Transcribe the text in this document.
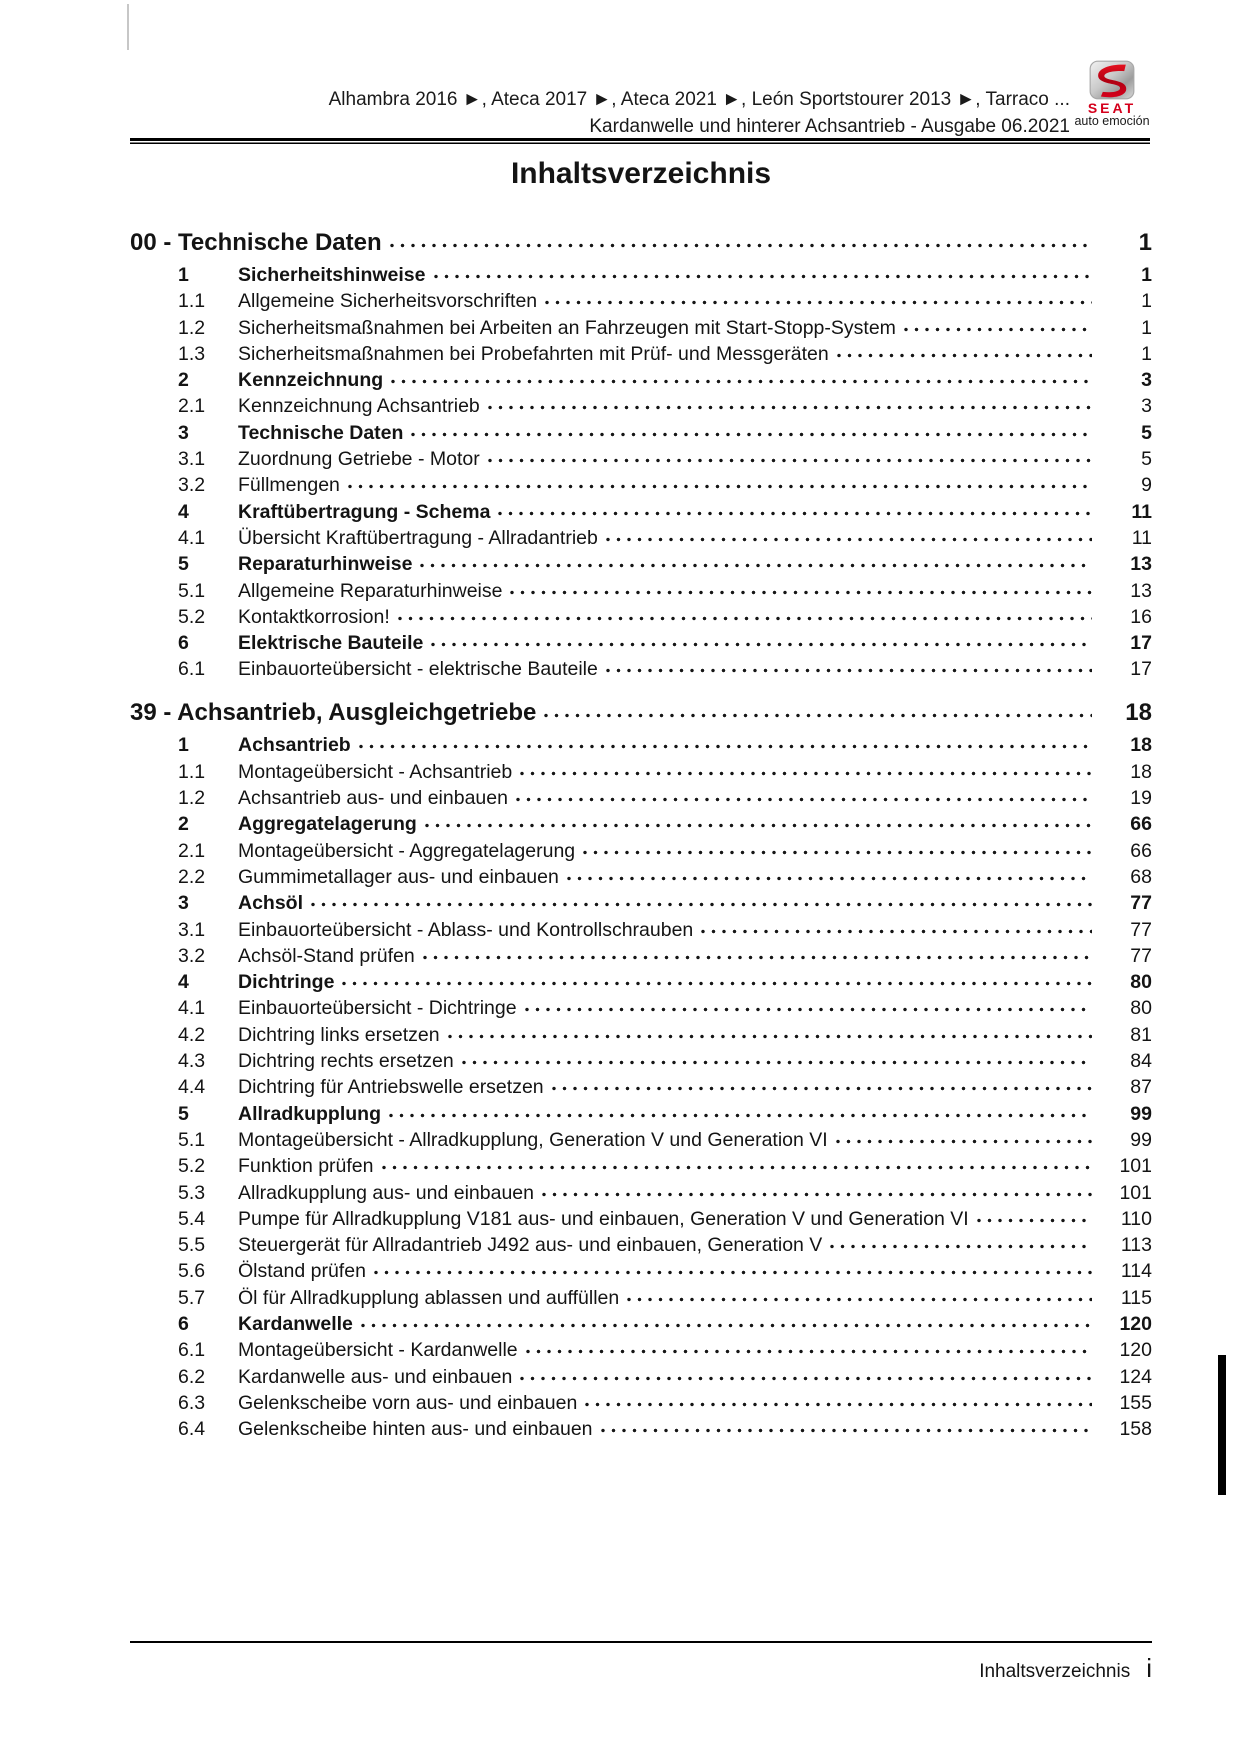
Alhambra 2016 ►, Ateca 2017 ►, Ateca 2021 ►, León Sportstourer 2013 ►, Tarraco ...
Kardanwelle und hinterer Achsantrieb - Ausgabe 06.2021
SEAT
auto emoción
Inhaltsverzeichnis
00 - Technische Daten	1
1	Sicherheitshinweise	1
1.1	Allgemeine Sicherheitsvorschriften	1
1.2	Sicherheitsmaßnahmen bei Arbeiten an Fahrzeugen mit Start-Stopp-System	1
1.3	Sicherheitsmaßnahmen bei Probefahrten mit Prüf- und Messgeräten	1
2	Kennzeichnung	3
2.1	Kennzeichnung Achsantrieb	3
3	Technische Daten	5
3.1	Zuordnung Getriebe - Motor	5
3.2	Füllmengen	9
4	Kraftübertragung - Schema	11
4.1	Übersicht Kraftübertragung - Allradantrieb	11
5	Reparaturhinweise	13
5.1	Allgemeine Reparaturhinweise	13
5.2	Kontaktkorrosion!	16
6	Elektrische Bauteile	17
6.1	Einbauorteübersicht - elektrische Bauteile	17
39 - Achsantrieb, Ausgleichgetriebe	18
1	Achsantrieb	18
1.1	Montageübersicht - Achsantrieb	18
1.2	Achsantrieb aus- und einbauen	19
2	Aggregatelagerung	66
2.1	Montageübersicht - Aggregatelagerung	66
2.2	Gummimetallager aus- und einbauen	68
3	Achsöl	77
3.1	Einbauorteübersicht - Ablass- und Kontrollschrauben	77
3.2	Achsöl-Stand prüfen	77
4	Dichtringe	80
4.1	Einbauorteübersicht - Dichtringe	80
4.2	Dichtring links ersetzen	81
4.3	Dichtring rechts ersetzen	84
4.4	Dichtring für Antriebswelle ersetzen	87
5	Allradkupplung	99
5.1	Montageübersicht - Allradkupplung, Generation V und Generation VI	99
5.2	Funktion prüfen	101
5.3	Allradkupplung aus- und einbauen	101
5.4	Pumpe für Allradkupplung V181 aus- und einbauen, Generation V und Generation VI	110
5.5	Steuergerät für Allradantrieb J492 aus- und einbauen, Generation V	113
5.6	Ölstand prüfen	114
5.7	Öl für Allradkupplung ablassen und auffüllen	115
6	Kardanwelle	120
6.1	Montageübersicht - Kardanwelle	120
6.2	Kardanwelle aus- und einbauen	124
6.3	Gelenkscheibe vorn aus- und einbauen	155
6.4	Gelenkscheibe hinten aus- und einbauen	158
Inhaltsverzeichnis i
